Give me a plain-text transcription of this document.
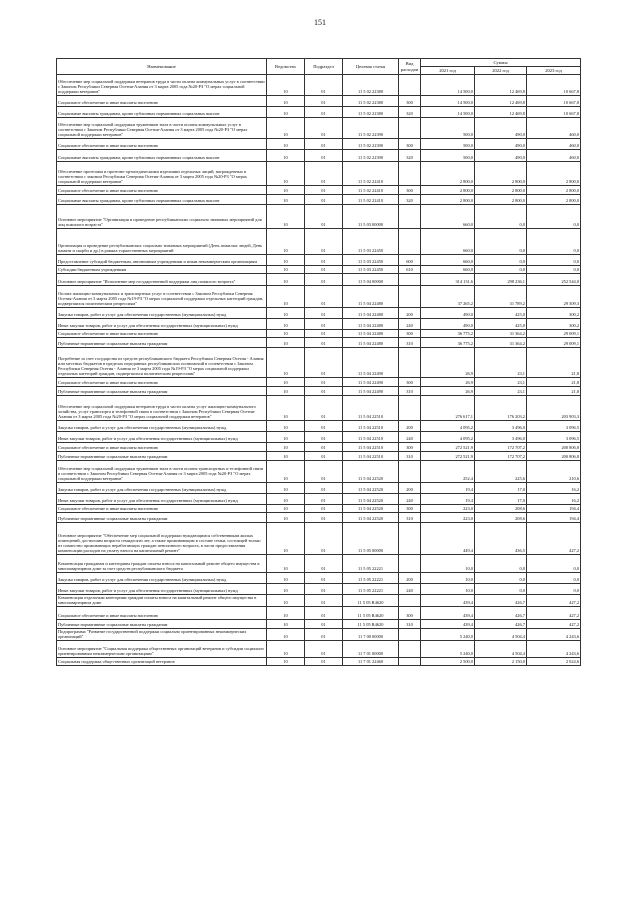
151
Наименование	Ведомство	Подраздел	Целевая статья	Вид расходов	Суммы		
					2021 год	2022 год	2023 год
Обеспечение мер социальной поддержки ветеранов труда в части оплаты коммунальных услуг в соответствии с Законом Республики Северная Осетия-Алания от 3 марта 2005 года №20-РЗ "О мерах социальной поддержки ветеранов"	10	01	11 5 02 22380		14 500,0	12 469,8	10 667,8
Социальное обеспечение и иные выплаты населению	10	01	11 5 02 22380	300	14 500,0	12 469,8	10 667,8
Социальные выплаты гражданам, кроме публичных нормативных социальных выплат	10	01	11 5 02 22380	320	14 500,0	12 469,8	10 667,8
Обеспечение мер социальной поддержки тружеников тыла в части оплаты коммунальных услуг в соответствии с Законом Республики Северная Осетия-Алания от 3 марта 2005 года №20-РЗ "О мерах социальной поддержки ветеранов"	10	01	11 5 02 22390		500,0	490,0	460,0
Социальное обеспечение и иные выплаты населению	10	01	11 5 02 22390	300	500,0	490,0	460,0
Социальные выплаты гражданам, кроме публичных нормативных социальных выплат	10	01	11 5 02 22390	320	500,0	490,0	460,0
Обеспечение протезами и протезно-ортопедическими изделиями отдельных лиций, награжденных в соответствии с законом Республики Северная Осетия-Алания от 3 марта 2005 года №20-РЗ "О мерах социальной поддержки ветеранов"	10	01	11 5 02 22410		2 800,0	2 800,0	2 800,0
Социальное обеспечение и иные выплаты населению	10	01	11 5 02 22410	300	2 800,0	2 800,0	2 800,0
Социальные выплаты гражданам, кроме публичных нормативных социальных выплат	10	01	11 5 02 22410	320	2 800,0	2 800,0	2 800,0
Основное мероприятие "Организация и проведение республиканских социально значимых мероприятий для лиц пожилого возраста"	10	01	11 5 03 00000		660,0	0,0	0,0
Организация и проведение республиканских социально значимых мероприятий (День пожилых людей, День памяти и скорби и др.) в рамках торжественных мероприятий	10	01	11 5 03 22450		660,0	0,0	0,0
Предоставление субсидий бюджетным, автономным учреждениям и иным некоммерческим организациям	10	01	11 5 03 22450	600	660,0	0,0	0,0
Субсидии бюджетным учреждениям	10	01	11 5 03 22450	610	660,0	0,0	0,0
Основное мероприятие "Исполнение мер государственной поддержки лиц пожилого возраста"	10	01	11 5 04 00000		314 131,6	298 236,1	252 544,0
Оплата жилищно-коммунальных и транспортных услуг в соответствии с Законом Республики Северная Осетия-Алания от 3 марта 2005 года №19-РЗ "О мерах социальной поддержки отдельных категорий граждан, подвергшихся политическим репрессиям"	10	01	11 5 04 22480		37 265,2	31 789,2	29 309,3
Закупка товаров, работ и услуг для обеспечения государственных (муниципальных) нужд	10	01	11 5 04 22480	200	490,0	425,0	300,2
Иные закупки товаров, работ и услуг для обеспечения государственных (муниципальных) нужд	10	01	11 5 04 22480	240	490,0	425,0	300,2
Социальное обеспечение и иные выплаты населению	10	01	11 5 04 22480	300	36 775,2	31 364,2	29 009,1
Публичные нормативные социальные выплаты гражданам	10	01	11 5 04 22480	310	36 775,2	31 364,2	29 009,1
Погребение за счет государства из средств республиканского бюджета Республики Северная Осетия - Алания или местных бюджетов в пределах переданных республиканских полномочий в соответствии с Законом Республики Северная Осетия - Алания от 3 марта 2005 года №19-РЗ "О мерах социальной поддержки отдельных категорий граждан, подвергшихся политическим репрессиям"	10	01	11 5 04 22490		26,9	23,1	21,8
Социальное обеспечение и иные выплаты населению	10	01	11 5 04 22490	300	26,9	23,1	21,8
Публичные нормативные социальные выплаты гражданам	10	01	11 5 04 22490	310	26,9	23,1	21,8
Обеспечение мер социальной поддержки ветеранов труда в части оплаты услуг жилищно-коммунального хозяйства, услуг транспорта и телефонной связи в соответствии с Законом Республики Северная Осетия-Алания от 3 марта 2005 года №20-РЗ "О мерах социальной поддержки ветеранов"	10	01	11 5 04 22510		276 617,1	176 203,2	203 903,3
Закупка товаров, работ и услуг для обеспечения государственных (муниципальных) нужд	10	01	11 5 04 22510	200	4 095,2	3 496,0	3 096,5
Иные закупки товаров, работ и услуг для обеспечения государственных (муниципальных) нужд	10	01	11 5 04 22510	240	4 095,2	3 496,0	3 096,5
Социальное обеспечение и иные выплаты населению	10	01	11 5 04 22510	300	272 521,9	172 707,2	200 806,8
Публичные нормативные социальные выплаты гражданам	10	01	11 5 04 22510	310	272 521,9	172 707,2	200 806,8
Обеспечение мер социальной поддержки тружеников тыла в части оплаты транспортных и телефонной связи в соответствии с Законом Республики Северная Осетия-Алания от 3 марта 2005 года №20-РЗ "О мерах социальной поддержки ветеранов"	10	01	11 5 04 22520		252,4	225,6	210,6
Закупка товаров, работ и услуг для обеспечения государственных (муниципальных) нужд	10	01	11 5 04 22520	200	19,4	17,0	16,2
Иные закупки товаров, работ и услуг для обеспечения государственных (муниципальных) нужд	10	01	11 5 04 22520	240	19,4	17,0	16,2
Социальное обеспечение и иные выплаты населению	10	01	11 5 04 22520	300	223,0	208,6	194,4
Публичные нормативные социальные выплаты гражданам	10	01	11 5 04 22520	310	223,0	208,6	194,4
Основное мероприятие "Обеспечение мер социальной поддержки нуждающимся собственникам жилых помещений, достигшим возраста семидесяти лет, а также проживающим в составе семьи, состоящей только из совместно проживающих неработающих граждан пенсионного возраста, в части предоставления компенсации расходов на уплату взноса на капитальный ремонт"	10	01	11 5 05 00000		449,4	436,5	427,2
Компенсация гражданам и категориям граждан оплаты взноса на капитальный ремонт общего имущества в многоквартирном доме за счет средств республиканского бюджета	10	01	11 5 05 22221		10,0	0,0	0,0
Закупка товаров, работ и услуг для обеспечения государственных (муниципальных) нужд	10	01	11 5 05 22221	200	10,0	0,0	0,0
Иные закупки товаров, работ и услуг для обеспечения государственных (муниципальных) нужд	10	01	11 5 05 22221	240	10,0	0,0	0,0
Компенсация отдельным категориям граждан оплаты взноса на капитальный ремонт общего имущества в многоквартирном доме	10	01	11 5 05 R4620		439,4	426,7	427,2
Социальное обеспечение и иные выплаты населению	10	01	11 5 05 R4620	300	439,4	426,7	427,2
Публичные нормативные социальные выплаты гражданам	10	01	11 5 05 R4620	310	439,4	426,7	427,2
Подпрограмма "Развитие государственной поддержки социально ориентированных некоммерческих организаций"	10	01	11 7 00 00000		5 240,0	4 504,4	4 243,6
Основное мероприятие "Социальная поддержка общественных организаций ветеранов и субсидии социально ориентированным некоммерческим организациям"	10	01	11 7 01 00000		5 240,0	4 504,4	4 243,6
Социальная поддержка общественных организаций ветеранов	10	01	11 7 01 22460		2 500,0	2 150,0	2 024,6
